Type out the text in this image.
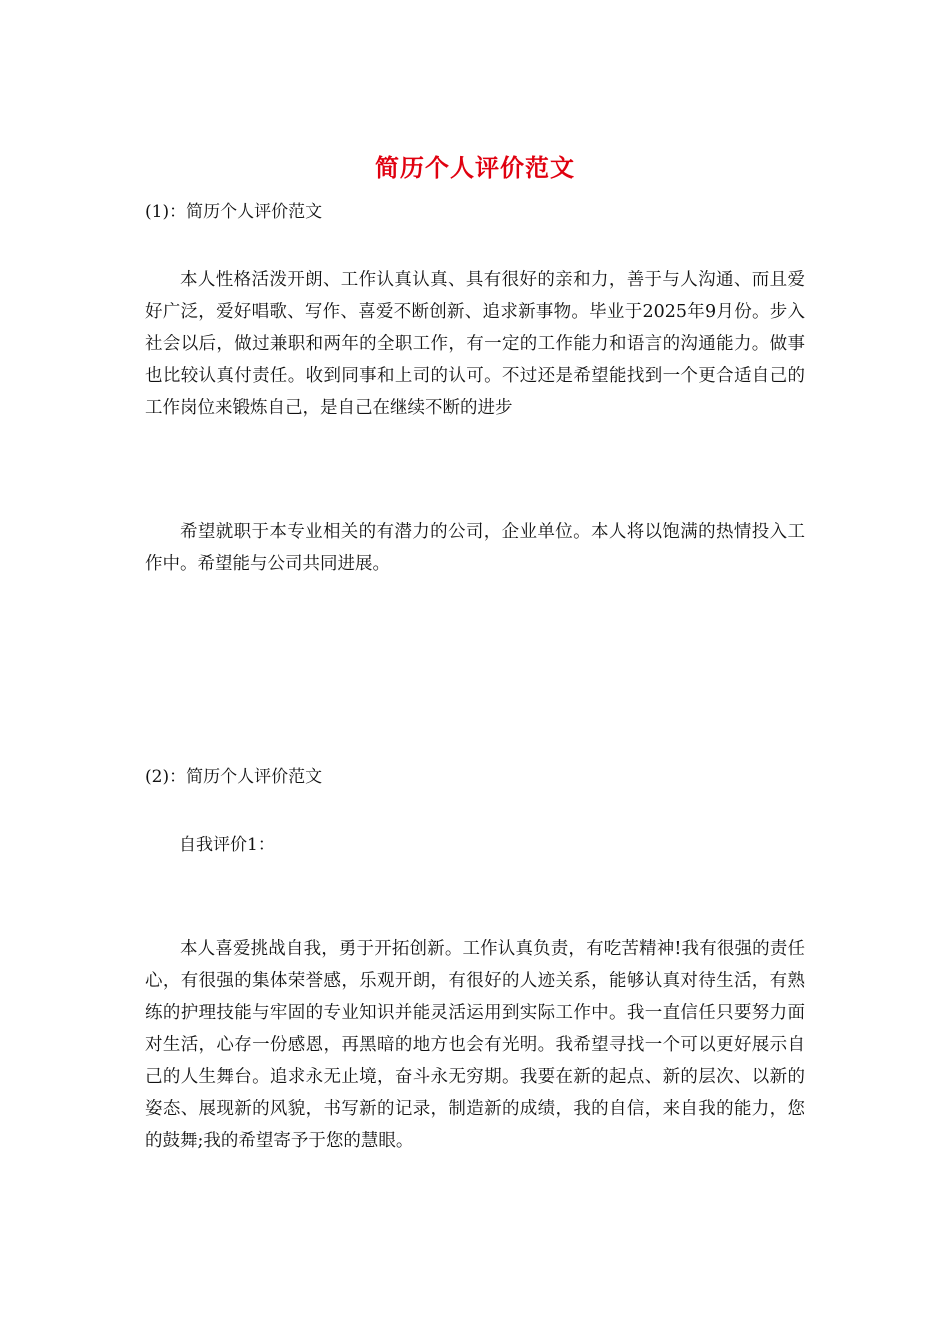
简历个人评价范文
(1)：简历个人评价范文

本人性格活泼开朗、工作认真认真、具有很好的亲和力，善于与人沟通、而且爱好广泛，爱好唱歌、写作、喜爱不断创新、追求新事物。毕业于2025年9月份。步入社会以后，做过兼职和两年的全职工作，有一定的工作能力和语言的沟通能力。做事也比较认真付责任。收到同事和上司的认可。不过还是希望能找到一个更合适自己的工作岗位来锻炼自己，是自己在继续不断的进步

希望就职于本专业相关的有潜力的公司，企业单位。本人将以饱满的热情投入工作中。希望能与公司共同进展。

(2)：简历个人评价范文
自我评价1：

本人喜爱挑战自我，勇于开拓创新。工作认真负责，有吃苦精神!我有很强的责任心，有很强的集体荣誉感，乐观开朗，有很好的人迹关系，能够认真对待生活，有熟练的护理技能与牢固的专业知识并能灵活运用到实际工作中。我一直信任只要努力面对生活，心存一份感恩，再黑暗的地方也会有光明。我希望寻找一个可以更好展示自己的人生舞台。追求永无止境，奋斗永无穷期。我要在新的起点、新的层次、以新的姿态、展现新的风貌，书写新的记录，制造新的成绩，我的自信，来自我的能力，您的鼓舞;我的希望寄予于您的慧眼。
